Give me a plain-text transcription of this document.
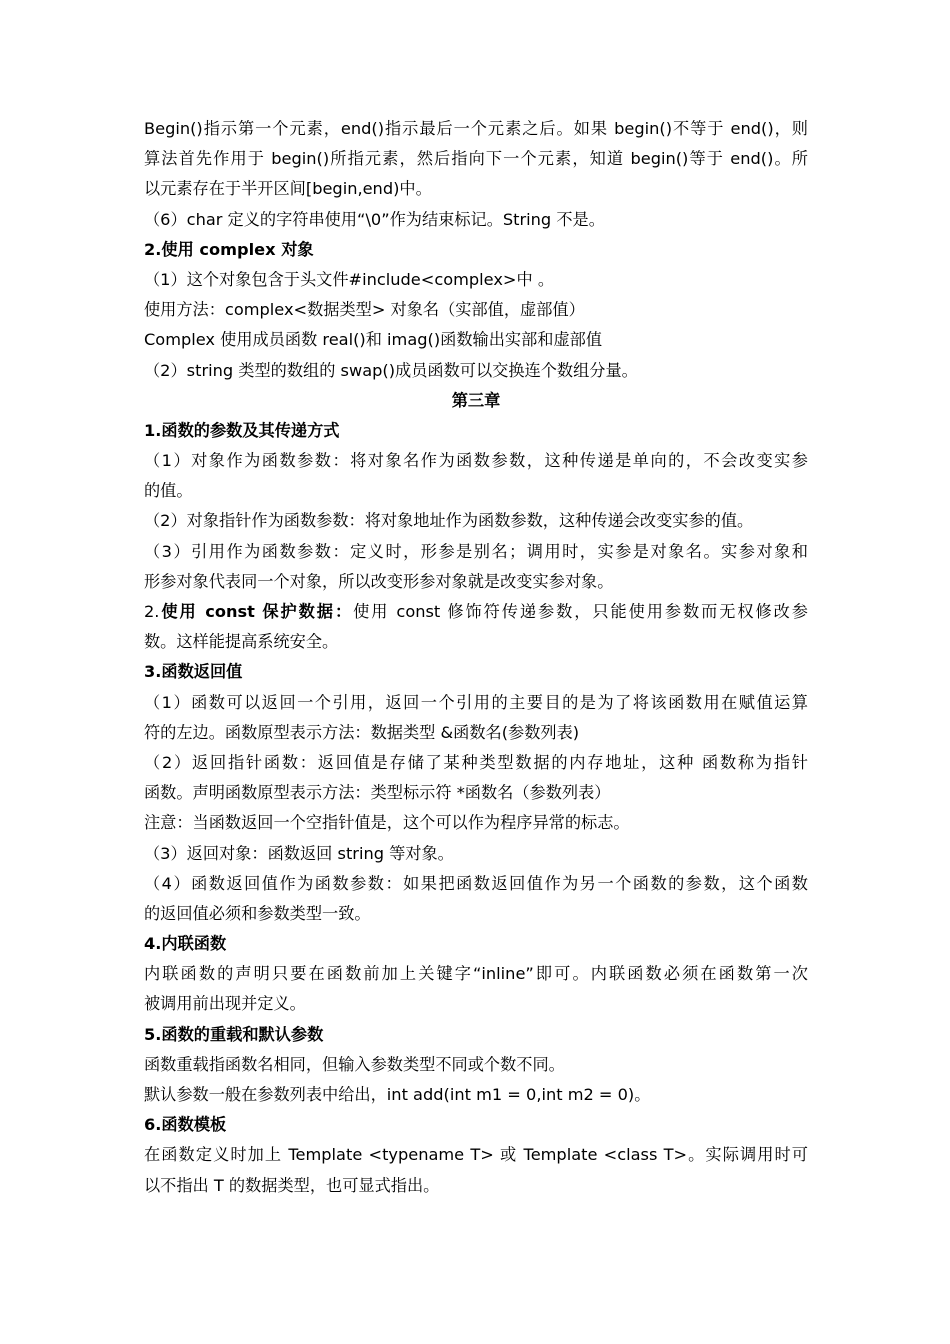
Begin()指示第一个元素，end()指示最后一个元素之后。如果 begin()不等于 end()，则
算法首先作用于 begin()所指元素，然后指向下一个元素，知道 begin()等于 end()。所
以元素存在于半开区间[begin,end)中。
（6）char 定义的字符串使用“\0”作为结束标记。String 不是。
2.使用 complex 对象
（1）这个对象包含于头文件#include<complex>中 。
使用方法：complex<数据类型> 对象名（实部值，虚部值）
Complex 使用成员函数 real()和 imag()函数输出实部和虚部值
（2）string 类型的数组的 swap()成员函数可以交换连个数组分量。
第三章
1.函数的参数及其传递方式
（1）对象作为函数参数：将对象名作为函数参数，这种传递是单向的，不会改变实参
的值。
（2）对象指针作为函数参数：将对象地址作为函数参数，这种传递会改变实参的值。
（3）引用作为函数参数：定义时，形参是别名；调用时，实参是对象名。实参对象和
形参对象代表同一个对象，所以改变形参对象就是改变实参对象。
2.使用 const 保护数据：使用 const 修饰符传递参数，只能使用参数而无权修改参
数。这样能提高系统安全。
3.函数返回值
（1）函数可以返回一个引用，返回一个引用的主要目的是为了将该函数用在赋值运算
符的左边。函数原型表示方法：数据类型 &函数名(参数列表)
（2）返回指针函数：返回值是存储了某种类型数据的内存地址，这种 函数称为指针
函数。声明函数原型表示方法：类型标示符 *函数名（参数列表）
注意：当函数返回一个空指针值是，这个可以作为程序异常的标志。
（3）返回对象：函数返回 string 等对象。
（4）函数返回值作为函数参数：如果把函数返回值作为另一个函数的参数，这个函数
的返回值必须和参数类型一致。
4.内联函数
内联函数的声明只要在函数前加上关键字“inline”即可。内联函数必须在函数第一次
被调用前出现并定义。
5.函数的重载和默认参数
函数重载指函数名相同，但输入参数类型不同或个数不同。
默认参数一般在参数列表中给出，int add(int m1 = 0,int m2 = 0)。
6.函数模板
在函数定义时加上 Template <typename T> 或 Template <class T>。实际调用时可
以不指出 T 的数据类型，也可显式指出。
